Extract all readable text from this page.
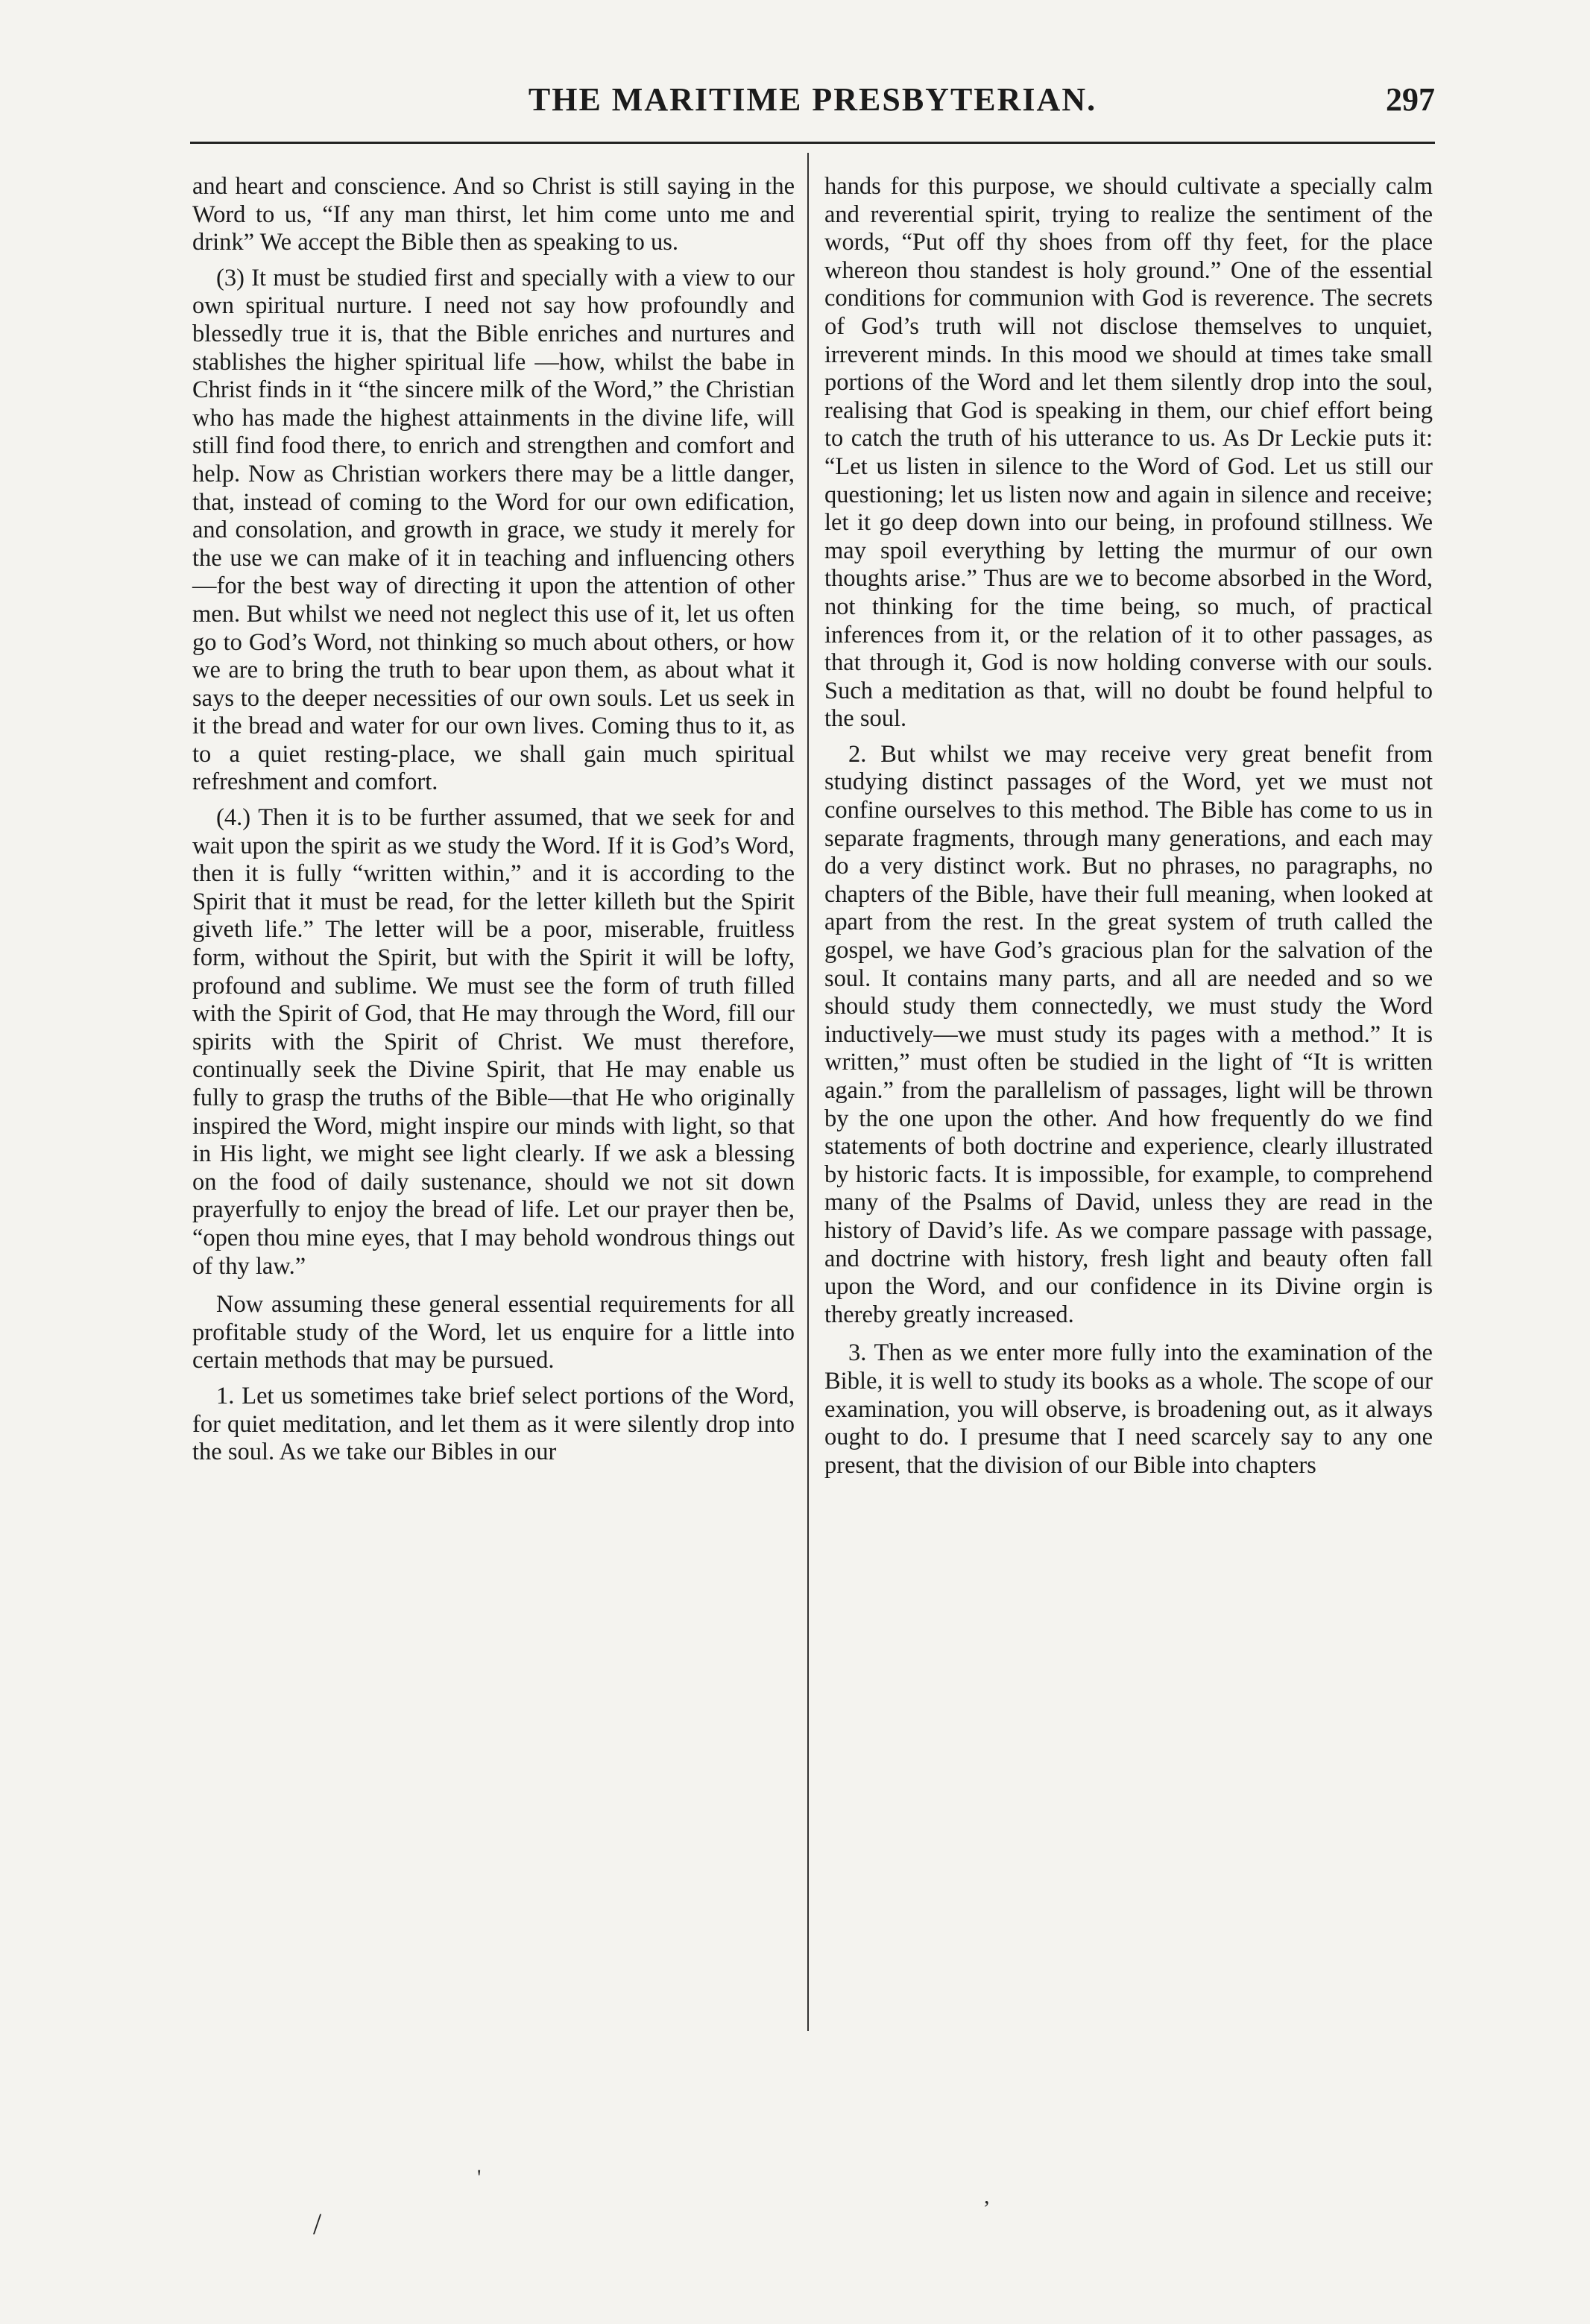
THE MARITIME PRESBYTERIAN.	297

and heart and conscience. And so Christ is still saying in the Word to us, “If any man thirst, let him come unto me and drink” We accept the Bible then as speaking to us.

(3) It must be studied first and specially with a view to our own spiritual nurture. I need not say how profoundly and blessedly true it is, that the Bible enriches and nurtures and stablishes the higher spiritual life —how, whilst the babe in Christ finds in it “the sincere milk of the Word,” the Christian who has made the highest attainments in the divine life, will still find food there, to enrich and strengthen and comfort and help. Now as Christian workers there may be a little danger, that, instead of coming to the Word for our own edification, and consolation, and growth in grace, we study it merely for the use we can make of it in teaching and influencing others—for the best way of directing it upon the attention of other men. But whilst we need not neglect this use of it, let us often go to God’s Word, not thinking so much about others, or how we are to bring the truth to bear upon them, as about what it says to the deeper necessities of our own souls. Let us seek in it the bread and water for our own lives. Coming thus to it, as to a quiet resting-place, we shall gain much spiritual refreshment and comfort.

(4.) Then it is to be further assumed, that we seek for and wait upon the spirit as we study the Word. If it is God’s Word, then it is fully “written within,” and it is according to the Spirit that it must be read, for the letter killeth but the Spirit giveth life.” The letter will be a poor, miserable, fruitless form, without the Spirit, but with the Spirit it will be lofty, profound and sublime. We must see the form of truth filled with the Spirit of God, that He may through the Word, fill our spirits with the Spirit of Christ. We must therefore, continually seek the Divine Spirit, that He may enable us fully to grasp the truths of the Bible—that He who originally inspired the Word, might inspire our minds with light, so that in His light, we might see light clearly. If we ask a blessing on the food of daily sustenance, should we not sit down prayerfully to enjoy the bread of life. Let our prayer then be, “open thou mine eyes, that I may behold wondrous things out of thy law.”

Now assuming these general essential requirements for all profitable study of the Word, let us enquire for a little into certain methods that may be pursued.

1. Let us sometimes take brief select portions of the Word, for quiet meditation, and let them as it were silently drop into the soul. As we take our Bibles in our

hands for this purpose, we should cultivate a specially calm and reverential spirit, trying to realize the sentiment of the words, “Put off thy shoes from off thy feet, for the place whereon thou standest is holy ground.” One of the essential conditions for communion with God is reverence. The secrets of God’s truth will not disclose themselves to unquiet, irreverent minds. In this mood we should at times take small portions of the Word and let them silently drop into the soul, realising that God is speaking in them, our chief effort being to catch the truth of his utterance to us. As Dr Leckie puts it: “Let us listen in silence to the Word of God. Let us still our questioning; let us listen now and again in silence and receive; let it go deep down into our being, in profound stillness. We may spoil everything by letting the murmur of our own thoughts arise.” Thus are we to become absorbed in the Word, not thinking for the time being, so much, of practical inferences from it, or the relation of it to other passages, as that through it, God is now holding converse with our souls. Such a meditation as that, will no doubt be found helpful to the soul.

2. But whilst we may receive very great benefit from studying distinct passages of the Word, yet we must not confine ourselves to this method. The Bible has come to us in separate fragments, through many generations, and each may do a very distinct work. But no phrases, no paragraphs, no chapters of the Bible, have their full meaning, when looked at apart from the rest. In the great system of truth called the gospel, we have God’s gracious plan for the salvation of the soul. It contains many parts, and all are needed and so we should study them connectedly, we must study the Word inductively—we must study its pages with a method.” It is written,” must often be studied in the light of “It is written again.” from the parallelism of passages, light will be thrown by the one upon the other. And how frequently do we find statements of both doctrine and experience, clearly illustrated by historic facts. It is impossible, for example, to comprehend many of the Psalms of David, unless they are read in the history of David’s life. As we compare passage with passage, and doctrine with history, fresh light and beauty often fall upon the Word, and our confidence in its Divine orgin is thereby greatly increased.

3. Then as we enter more fully into the examination of the Bible, it is well to study its books as a whole. The scope of our examination, you will observe, is broadening out, as it always ought to do. I presume that I need scarcely say to any one present, that the division of our Bible into chapters

/
'
,
